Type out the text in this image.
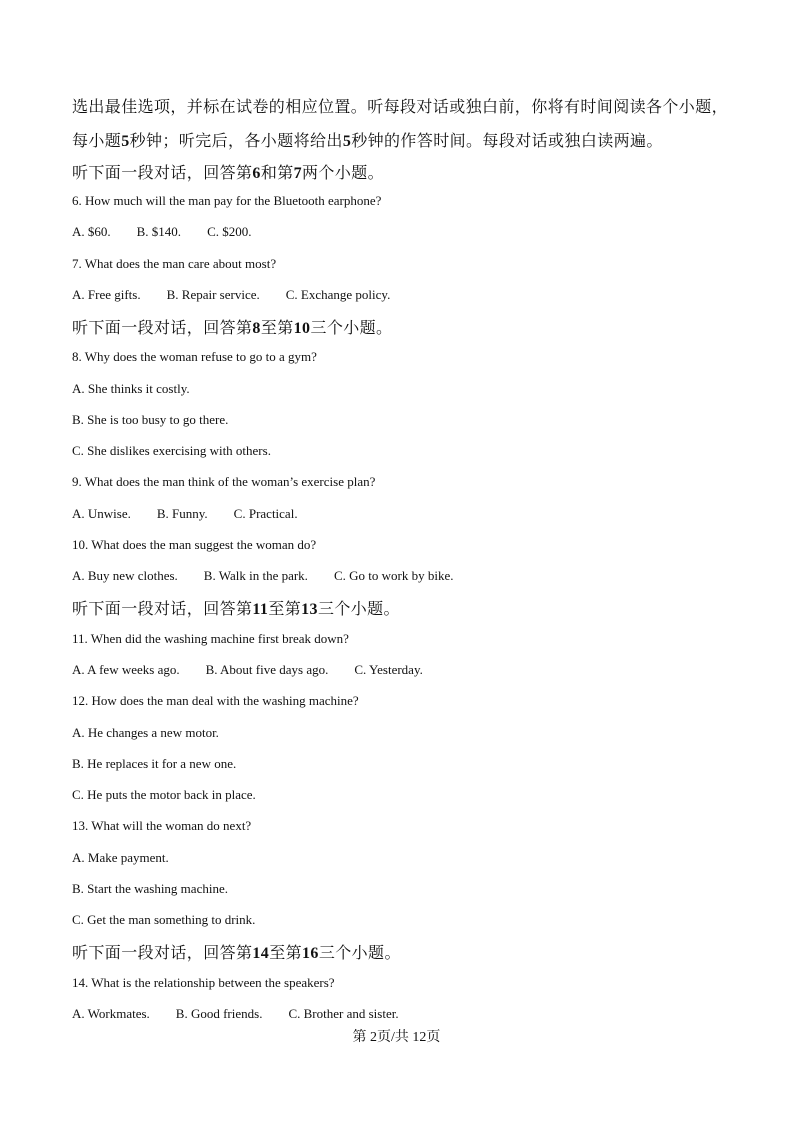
选出最佳选项，并标在试卷的相应位置。听每段对话或独白前，你将有时间阅读各个小题，
每小题5秒钟；听完后，各小题将给出5秒钟的作答时间。每段对话或独白读两遍。
听下面一段对话，回答第6和第7两个小题。
6. How much will the man pay for the Bluetooth earphone?
A. $60. B. $140. C. $200.
7. What does the man care about most?
A. Free gifts. B. Repair service. C. Exchange policy.
听下面一段对话，回答第8至第10三个小题。
8. Why does the woman refuse to go to a gym?
A. She thinks it costly.
B. She is too busy to go there.
C. She dislikes exercising with others.
9. What does the man think of the woman’s exercise plan?
A. Unwise. B. Funny. C. Practical.
10. What does the man suggest the woman do?
A. Buy new clothes. B. Walk in the park. C. Go to work by bike.
听下面一段对话，回答第11至第13三个小题。
11. When did the washing machine first break down?
A. A few weeks ago. B. About five days ago. C. Yesterday.
12. How does the man deal with the washing machine?
A. He changes a new motor.
B. He replaces it for a new one.
C. He puts the motor back in place.
13. What will the woman do next?
A. Make payment.
B. Start the washing machine.
C. Get the man something to drink.
听下面一段对话，回答第14至第16三个小题。
14. What is the relationship between the speakers?
A. Workmates. B. Good friends. C. Brother and sister.
第 2页/共 12页
